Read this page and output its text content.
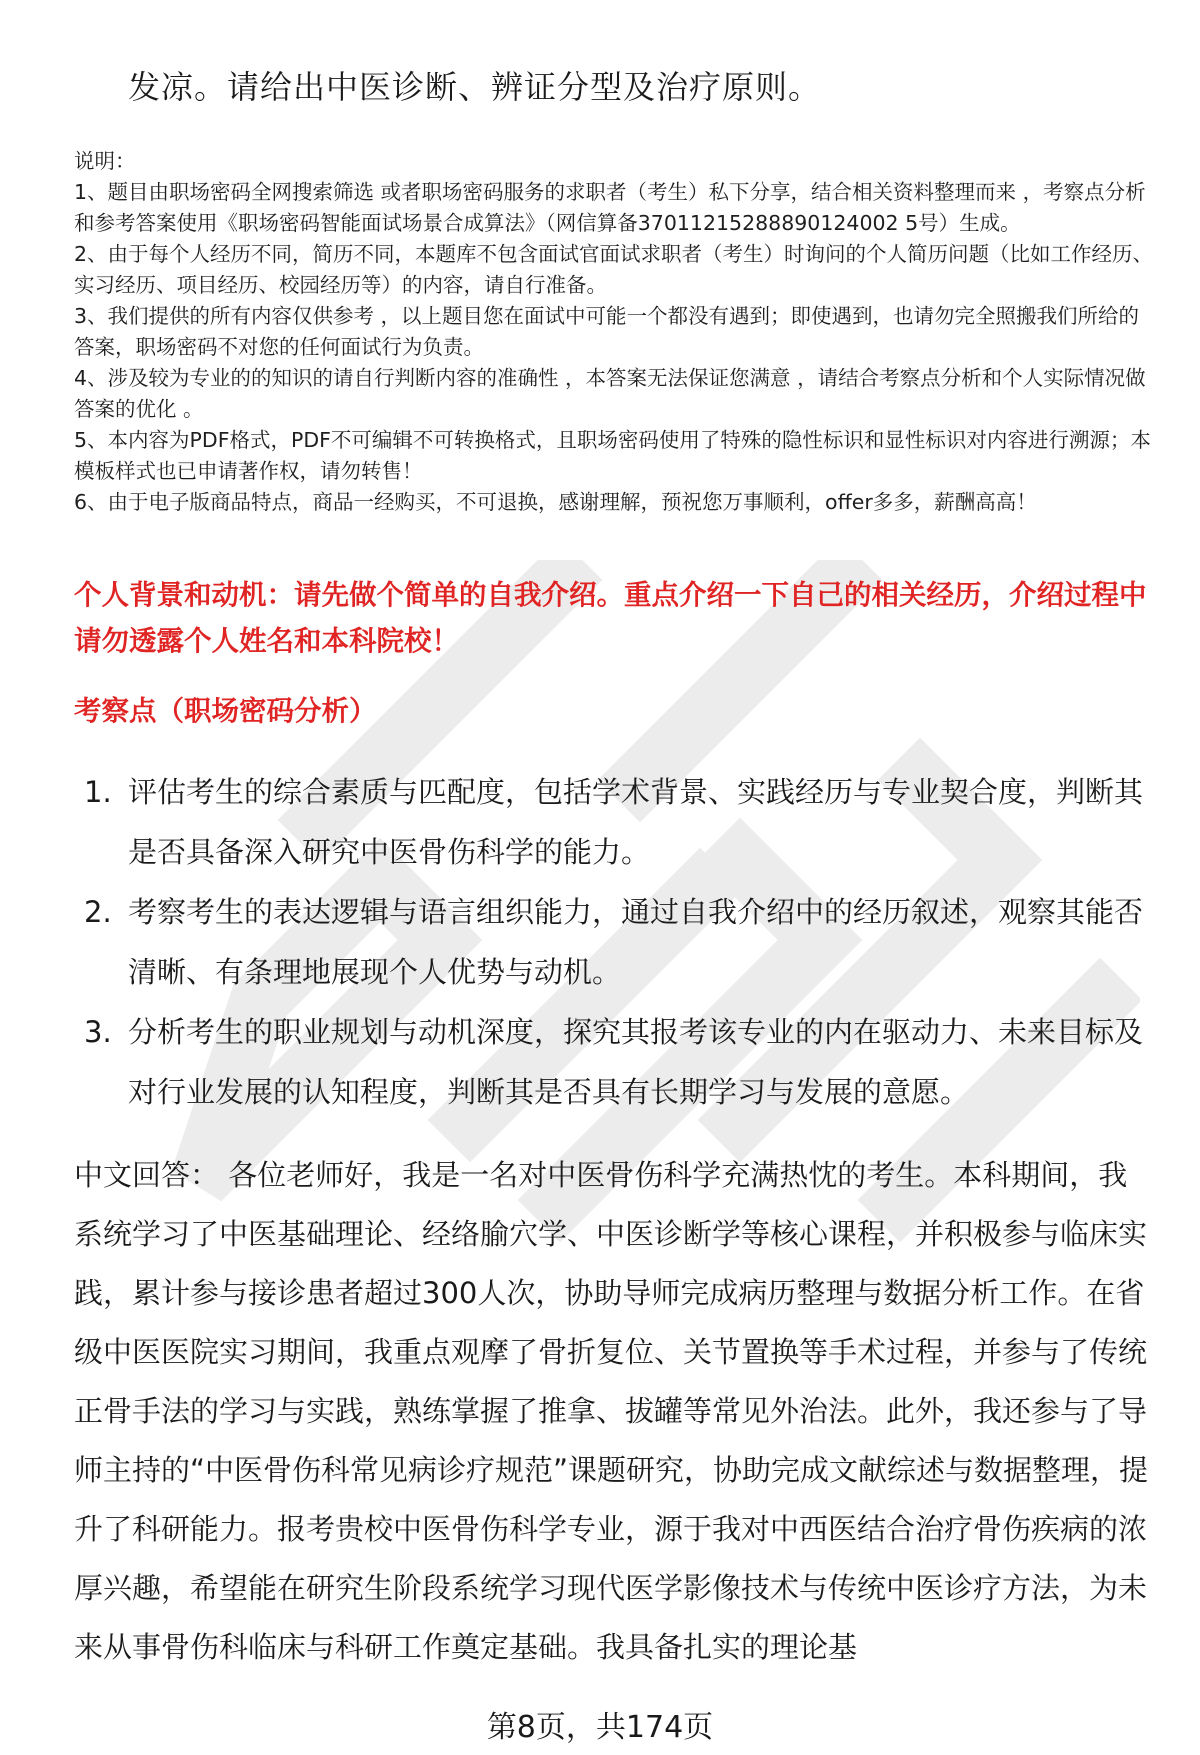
发凉。请给出中医诊断、辨证分型及治疗原则。

说明：

1、题目由职场密码全网搜索筛选 或者职场密码服务的求职者（考生）私下分享，结合相关资料整理而来 ，考察点分析和参考答案使用《职场密码智能面试场景合成算法》（网信算备37011215288890124002 5号）生成。

2、由于每个人经历不同，简历不同，本题库不包含面试官面试求职者（考生）时询问的个人简历问题（比如工作经历、实习经历、项目经历、校园经历等）的内容，请自行准备。

3、我们提供的所有内容仅供参考 ，以上题目您在面试中可能一个都没有遇到；即使遇到，也请勿完全照搬我们所给的答案，职场密码不对您的任何面试行为负责。

4、涉及较为专业的的知识的请自行判断内容的准确性 ，本答案无法保证您满意 ，请结合考察点分析和个人实际情况做答案的优化 。

5、本内容为PDF格式，PDF不可编辑不可转换格式，且职场密码使用了特殊的隐性标识和显性标识对内容进行溯源；本模板样式也已申请著作权，请勿转售！

6、由于电子版商品特点，商品一经购买，不可退换，感谢理解，预祝您万事顺利，offer多多，薪酬高高！

个人背景和动机：请先做个简单的自我介绍。重点介绍一下自己的相关经历，介绍过程中请勿透露个人姓名和本科院校！
考察点（职场密码分析）
1. 评估考生的综合素质与匹配度，包括学术背景、实践经历与专业契合度，判断其是否具备深入研究中医骨伤科学的能力。
2. 考察考生的表达逻辑与语言组织能力，通过自我介绍中的经历叙述，观察其能否清晰、有条理地展现个人优势与动机。
3. 分析考生的职业规划与动机深度，探究其报考该专业的内在驱动力、未来目标及对行业发展的认知程度，判断其是否具有长期学习与发展的意愿。

中文回答： 各位老师好，我是一名对中医骨伤科学充满热忱的考生。本科期间，我系统学习了中医基础理论、经络腧穴学、中医诊断学等核心课程，并积极参与临床实践，累计参与接诊患者超过300人次，协助导师完成病历整理与数据分析工作。在省级中医医院实习期间，我重点观摩了骨折复位、关节置换等手术过程，并参与了传统正骨手法的学习与实践，熟练掌握了推拿、拔罐等常见外治法。此外，我还参与了导师主持的“中医骨伤科常见病诊疗规范”课题研究，协助完成文献综述与数据整理，提升了科研能力。报考贵校中医骨伤科学专业，源于我对中西医结合治疗骨伤疾病的浓厚兴趣，希望能在研究生阶段系统学习现代医学影像技术与传统中医诊疗方法，为未来从事骨伤科临床与科研工作奠定基础。我具备扎实的理论基

第8页，共174页
